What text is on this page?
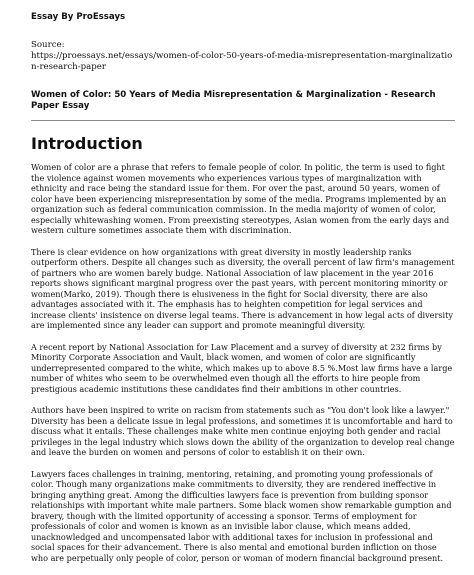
Essay By ProEssays
Source:
https://proessays.net/essays/women-of-color-50-years-of-media-misrepresentation-marginalization-research-paper
Women of Color: 50 Years of Media Misrepresentation & Marginalization - Research Paper Essay
Introduction

Women of color are a phrase that refers to female people of color. In politic, the term is used to fight the violence against women movements who experiences various types of marginalization with ethnicity and race being the standard issue for them. For over the past, around 50 years, women of color have been experiencing misrepresentation by some of the media. Programs implemented by an organization such as federal communication commission. In the media majority of women of color, especially whitewashing women. From preexisting stereotypes, Asian women from the early days and western culture sometimes associate them with discrimination.

There is clear evidence on how organizations with great diversity in mostly leadership ranks outperform others. Despite all changes such as diversity, the overall percent of law firm's management of partners who are women barely budge. National Association of law placement in the year 2016 reports shows significant marginal progress over the past years, with percent monitoring minority or women(Marko, 2019). Though there is elusiveness in the fight for Social diversity, there are also advantages associated with it. The emphasis has to heighten competition for legal services and increase clients' insistence on diverse legal teams. There is advancement in how legal acts of diversity are implemented since any leader can support and promote meaningful diversity.

A recent report by National Association for Law Placement and a survey of diversity at 232 firms by Minority Corporate Association and Vault, black women, and women of color are significantly underrepresented compared to the white, which makes up to above 8.5 %.Most law firms have a large number of whites who seem to be overwhelmed even though all the efforts to hire people from prestigious academic institutions these candidates find their ambitions in other countries.

Authors have been inspired to write on racism from statements such as "You don't look like a lawyer." Diversity has been a delicate issue in legal professions, and sometimes it is uncomfortable and hard to discuss what it entails. These challenges make white men continue enjoying both gender and racial privileges in the legal industry which slows down the ability of the organization to develop real change and leave the burden on women and persons of color to establish it on their own.

Lawyers faces challenges in training, mentoring, retaining, and promoting young professionals of color. Though many organizations make commitments to diversity, they are rendered ineffective in bringing anything great. Among the difficulties lawyers face is prevention from building sponsor relationships with important white male partners. Some black women show remarkable gumption and bravery, though with the limited opportunity of accessing a sponsor. Terms of employment for professionals of color and women is known as an invisible labor clause, which means added, unacknowledged and uncompensated labor with additional taxes for inclusion in professional and social spaces for their advancement. There is also mental and emotional burden infliction on those who are perpetually only people of color, person or woman of modern financial background present.
